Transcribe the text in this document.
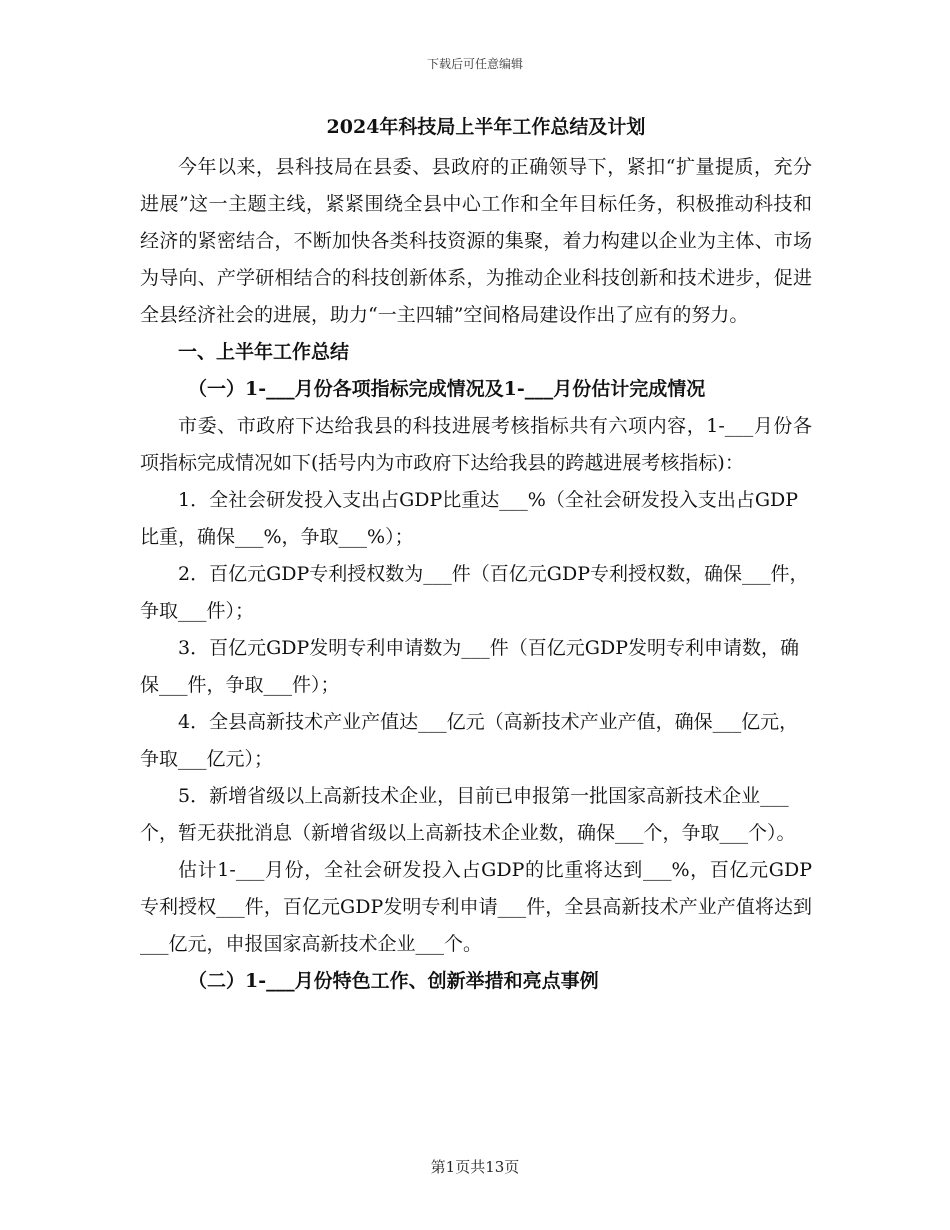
下载后可任意编辑
2024年科技局上半年工作总结及计划

今年以来，县科技局在县委、县政府的正确领导下，紧扣“扩量提质，充分进展”这一主题主线，紧紧围绕全县中心工作和全年目标任务，积极推动科技和经济的紧密结合，不断加快各类科技资源的集聚，着力构建以企业为主体、市场为导向、产学研相结合的科技创新体系，为推动企业科技创新和技术进步，促进全县经济社会的进展，助力“一主四辅”空间格局建设作出了应有的努力。

一、上半年工作总结

（一）1-___月份各项指标完成情况及1-___月份估计完成情况

市委、市政府下达给我县的科技进展考核指标共有六项内容，1-___月份各项指标完成情况如下(括号内为市政府下达给我县的跨越进展考核指标)：

1．全社会研发投入支出占GDP比重达___%（全社会研发投入支出占GDP比重，确保___%，争取___%）；

2．百亿元GDP专利授权数为___件（百亿元GDP专利授权数，确保___件，争取___件）；

3．百亿元GDP发明专利申请数为___件（百亿元GDP发明专利申请数，确保___件，争取___件）；

4．全县高新技术产业产值达___亿元（高新技术产业产值，确保___亿元，争取___亿元）；

5．新增省级以上高新技术企业，目前已申报第一批国家高新技术企业___个，暂无获批消息（新增省级以上高新技术企业数，确保___个，争取___个）。

估计1-___月份，全社会研发投入占GDP的比重将达到___%，百亿元GDP专利授权___件，百亿元GDP发明专利申请___件，全县高新技术产业产值将达到___亿元，申报国家高新技术企业___个。

（二）1-___月份特色工作、创新举措和亮点事例

第1页共13页
